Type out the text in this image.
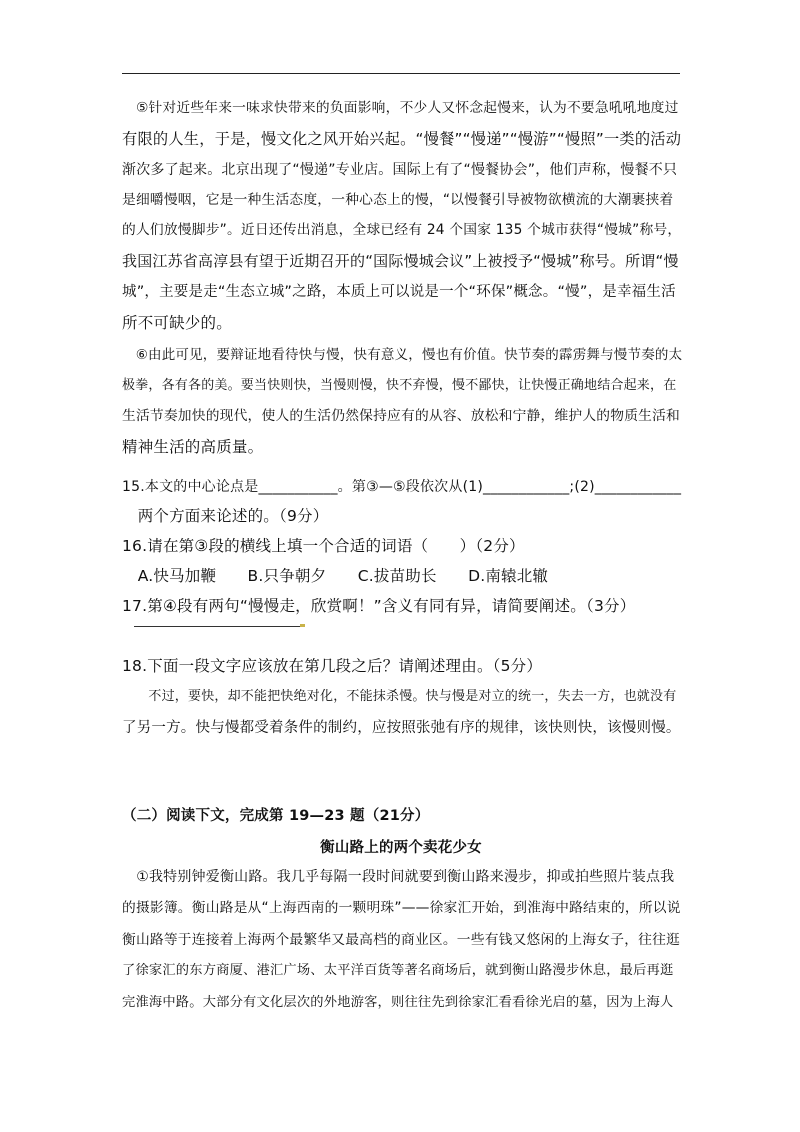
　⑤针对近些年来一味求快带来的负面影响，不少人又怀念起慢来，认为不要急吼吼地度过
有限的人生，于是，慢文化之风开始兴起。“慢餐”“慢递”“慢游”“慢照”一类的活动
渐次多了起来。北京出现了“慢递”专业店。国际上有了“慢餐协会”，他们声称，慢餐不只
是细嚼慢咽，它是一种生活态度，一种心态上的慢，“以慢餐引导被物欲横流的大潮裹挟着
的人们放慢脚步”。近日还传出消息，全球已经有 24 个国家 135 个城市获得“慢城”称号，
我国江苏省高淳县有望于近期召开的“国际慢城会议”上被授予“慢城”称号。所谓“慢
城”，主要是走“生态立城”之路，本质上可以说是一个“环保”概念。“慢”，是幸福生活
所不可缺少的。
　⑥由此可见，要辩证地看待快与慢，快有意义，慢也有价值。快节奏的霹雳舞与慢节奏的太
极拳，各有各的美。要当快则快，当慢则慢，快不弃慢，慢不鄙快，让快慢正确地结合起来，在
生活节奏加快的现代，使人的生活仍然保持应有的从容、放松和宁静，维护人的物质生活和
精神生活的高质量。
15.本文的中心论点是___________。第③—⑤段依次从(1)____________;(2)____________
　两个方面来论述的。（9分）
16.请在第③段的横线上填一个合适的词语（　　）（2分）
　A.快马加鞭　　B.只争朝夕　　C.拔苗助长　　D.南辕北辙
17.第④段有两句“慢慢走，欣赏啊！”含义有同有异，请简要阐述。（3分）
18.下面一段文字应该放在第几段之后？请阐述理由。（5分）
　　不过，要快，却不能把快绝对化，不能抹杀慢。快与慢是对立的统一，失去一方，也就没有
了另一方。快与慢都受着条件的制约，应按照张弛有序的规律，该快则快，该慢则慢。
（二）阅读下文，完成第 19—23 题（21分）
衡山路上的两个卖花少女
　①我特别钟爱衡山路。我几乎每隔一段时间就要到衡山路来漫步，抑或拍些照片装点我
的摄影簿。衡山路是从“上海西南的一颗明珠”——徐家汇开始，到淮海中路结束的，所以说
衡山路等于连接着上海两个最繁华又最高档的商业区。一些有钱又悠闲的上海女子，往往逛
了徐家汇的东方商厦、港汇广场、太平洋百货等著名商场后，就到衡山路漫步休息，最后再逛
完淮海中路。大部分有文化层次的外地游客，则往往先到徐家汇看看徐光启的墓，因为上海人
